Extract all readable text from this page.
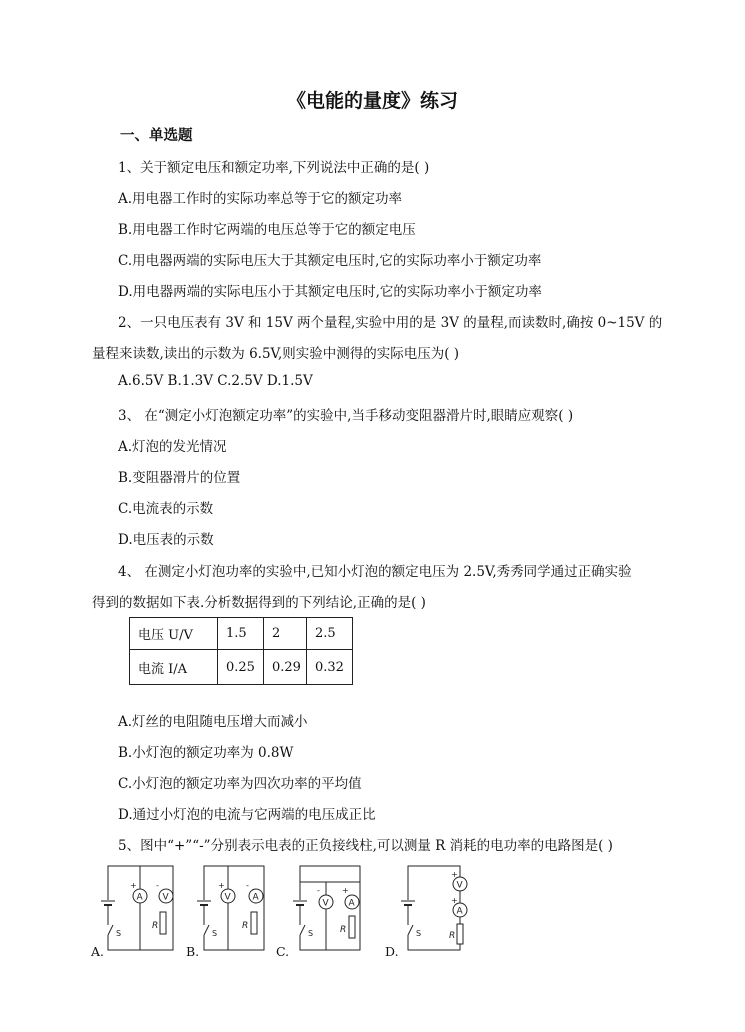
《电能的量度》练习
一、单选题
1、关于额定电压和额定功率,下列说法中正确的是( )
A.用电器工作时的实际功率总等于它的额定功率
B.用电器工作时它两端的电压总等于它的额定电压
C.用电器两端的实际电压大于其额定电压时,它的实际功率小于额定功率
D.用电器两端的实际电压小于其额定电压时,它的实际功率小于额定功率
2、一只电压表有 3V 和 15V 两个量程,实验中用的是 3V 的量程,而读数时,确按 0~15V 的
量程来读数,读出的示数为 6.5V,则实验中测得的实际电压为( )
A.6.5V B.1.3V C.2.5V D.1.5V
3、 在“测定小灯泡额定功率”的实验中,当手移动变阻器滑片时,眼睛应观察( )
A.灯泡的发光情况
B.变阻器滑片的位置
C.电流表的示数
D.电压表的示数
4、 在测定小灯泡功率的实验中,已知小灯泡的额定电压为 2.5V,秀秀同学通过正确实验
得到的数据如下表.分析数据得到的下列结论,正确的是( )
电压 U/V	1.5	2	2.5
电流 I/A	0.25	0.29	0.32
A.灯丝的电阻随电压增大而减小
B.小灯泡的额定功率为 0.8W
C.小灯泡的额定功率为四次功率的平均值
D.通过小灯泡的电流与它两端的电压成正比
5、图中“+”“-”分别表示电表的正负接线柱,可以测量 R 消耗的电功率的电路图是( )
S
A V
R
+ -
A.
S
V A
R
+	-
B.
S
V A
R
-	+
C.
S
V
A
R
+
+
D.
